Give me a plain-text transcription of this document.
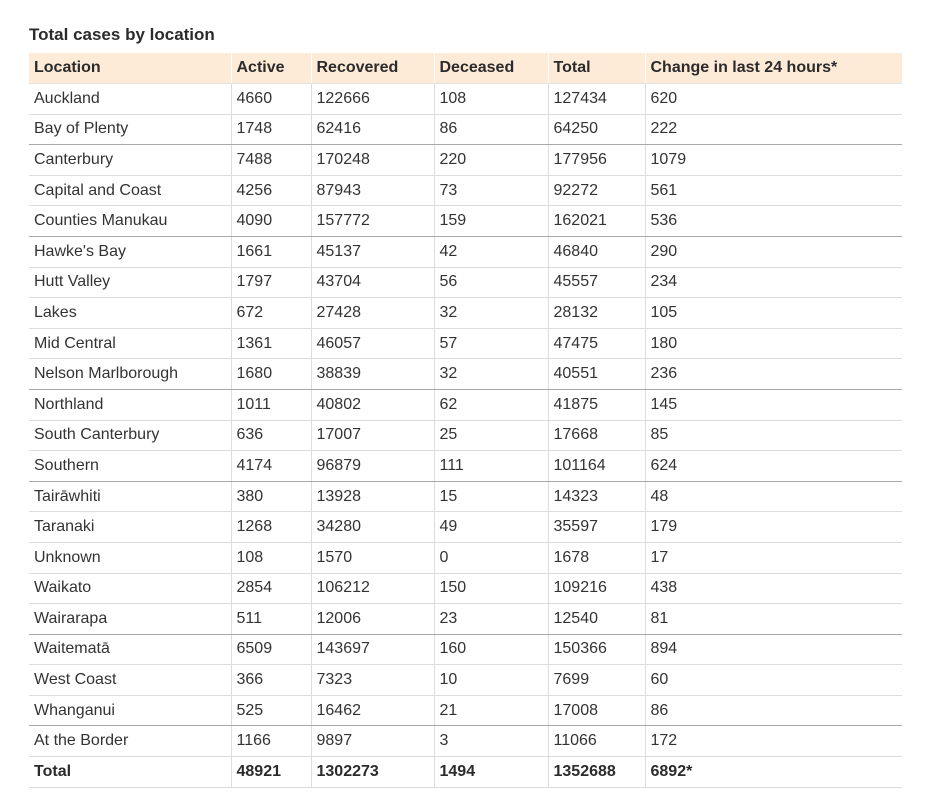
Total cases by location
Location	Active	Recovered	Deceased	Total	Change in last 24 hours*
Auckland	4660	122666	108	127434	620
Bay of Plenty	1748	62416	86	64250	222
Canterbury	7488	170248	220	177956	1079
Capital and Coast	4256	87943	73	92272	561
Counties Manukau	4090	157772	159	162021	536
Hawke's Bay	1661	45137	42	46840	290
Hutt Valley	1797	43704	56	45557	234
Lakes	672	27428	32	28132	105
Mid Central	1361	46057	57	47475	180
Nelson Marlborough	1680	38839	32	40551	236
Northland	1011	40802	62	41875	145
South Canterbury	636	17007	25	17668	85
Southern	4174	96879	111	101164	624
Tairāwhiti	380	13928	15	14323	48
Taranaki	1268	34280	49	35597	179
Unknown	108	1570	0	1678	17
Waikato	2854	106212	150	109216	438
Wairarapa	511	12006	23	12540	81
Waitematā	6509	143697	160	150366	894
West Coast	366	7323	10	7699	60
Whanganui	525	16462	21	17008	86
At the Border	1166	9897	3	11066	172
Total	48921	1302273	1494	1352688	6892*
